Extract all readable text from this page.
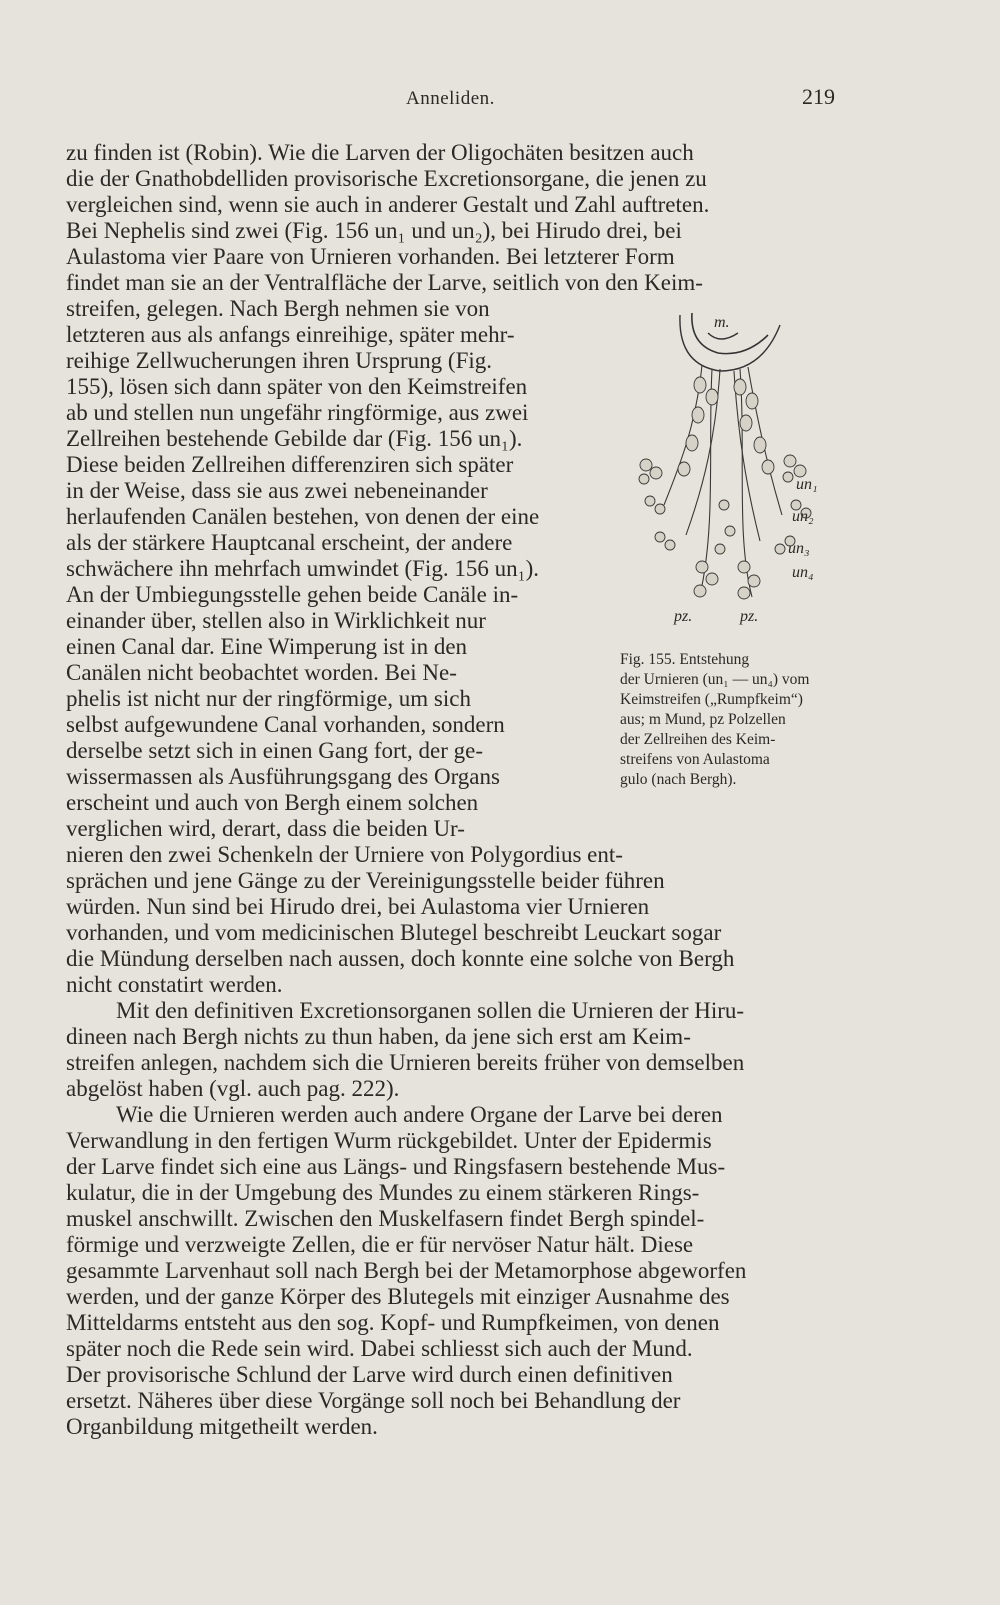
Anneliden.	219
zu finden ist (Robin). Wie die Larven der Oligochäten besitzen auch
die der Gnathobdelliden provisorische Excretionsorgane, die jenen zu
vergleichen sind, wenn sie auch in anderer Gestalt und Zahl auftreten.
Bei Nephelis sind zwei (Fig. 156 un₁ und un₂), bei Hirudo drei, bei
Aulastoma vier Paare von Urnieren vorhanden. Bei letzterer Form
findet man sie an der Ventralfläche der Larve, seitlich von den Keim-
streifen, gelegen. Nach Bergh nehmen sie von
letzteren aus als anfangs einreihige, später mehr-
reihige Zellwucherungen ihren Ursprung (Fig.
155), lösen sich dann später von den Keimstreifen
ab und stellen nun ungefähr ringförmige, aus zwei
Zellreihen bestehende Gebilde dar (Fig. 156 un₁).
Diese beiden Zellreihen differenziren sich später
in der Weise, dass sie aus zwei nebeneinander
herlaufenden Canälen bestehen, von denen der eine
als der stärkere Hauptcanal erscheint, der andere
schwächere ihn mehrfach umwindet (Fig. 156 un₁).
An der Umbiegungsstelle gehen beide Canäle in-
einander über, stellen also in Wirklichkeit nur
einen Canal dar. Eine Wimperung ist in den
Canälen nicht beobachtet worden. Bei Ne-
phelis ist nicht nur der ringförmige, um sich
selbst aufgewundene Canal vorhanden, sondern
derselbe setzt sich in einen Gang fort, der ge-
wissermassen als Ausführungsgang des Organs
erscheint und auch von Bergh einem solchen
verglichen wird, derart, dass die beiden Ur-
m.
un₁
un₂
un₃
un₄
pz.	pz.
Fig. 155. Entstehung
der Urnieren (un₁ — un₄) vom
Keimstreifen („Rumpfkeim“)
aus; m Mund, pz Polzellen
der Zellreihen des Keim-
streifens von Aulastoma
gulo (nach Bergh).
nieren den zwei Schenkeln der Urniere von Polygordius ent-
sprächen und jene Gänge zu der Vereinigungsstelle beider führen
würden. Nun sind bei Hirudo drei, bei Aulastoma vier Urnieren
vorhanden, und vom medicinischen Blutegel beschreibt Leuckart sogar
die Mündung derselben nach aussen, doch konnte eine solche von Bergh
nicht constatirt werden.
Mit den definitiven Excretionsorganen sollen die Urnieren der Hiru-
dineen nach Bergh nichts zu thun haben, da jene sich erst am Keim-
streifen anlegen, nachdem sich die Urnieren bereits früher von demselben
abgelöst haben (vgl. auch pag. 222).
Wie die Urnieren werden auch andere Organe der Larve bei deren
Verwandlung in den fertigen Wurm rückgebildet. Unter der Epidermis
der Larve findet sich eine aus Längs- und Ringsfasern bestehende Mus-
kulatur, die in der Umgebung des Mundes zu einem stärkeren Rings-
muskel anschwillt. Zwischen den Muskelfasern findet Bergh spindel-
förmige und verzweigte Zellen, die er für nervöser Natur hält. Diese
gesammte Larvenhaut soll nach Bergh bei der Metamorphose abgeworfen
werden, und der ganze Körper des Blutegels mit einziger Ausnahme des
Mitteldarms entsteht aus den sog. Kopf- und Rumpfkeimen, von denen
später noch die Rede sein wird. Dabei schliesst sich auch der Mund.
Der provisorische Schlund der Larve wird durch einen definitiven
ersetzt. Näheres über diese Vorgänge soll noch bei Behandlung der
Organbildung mitgetheilt werden.
